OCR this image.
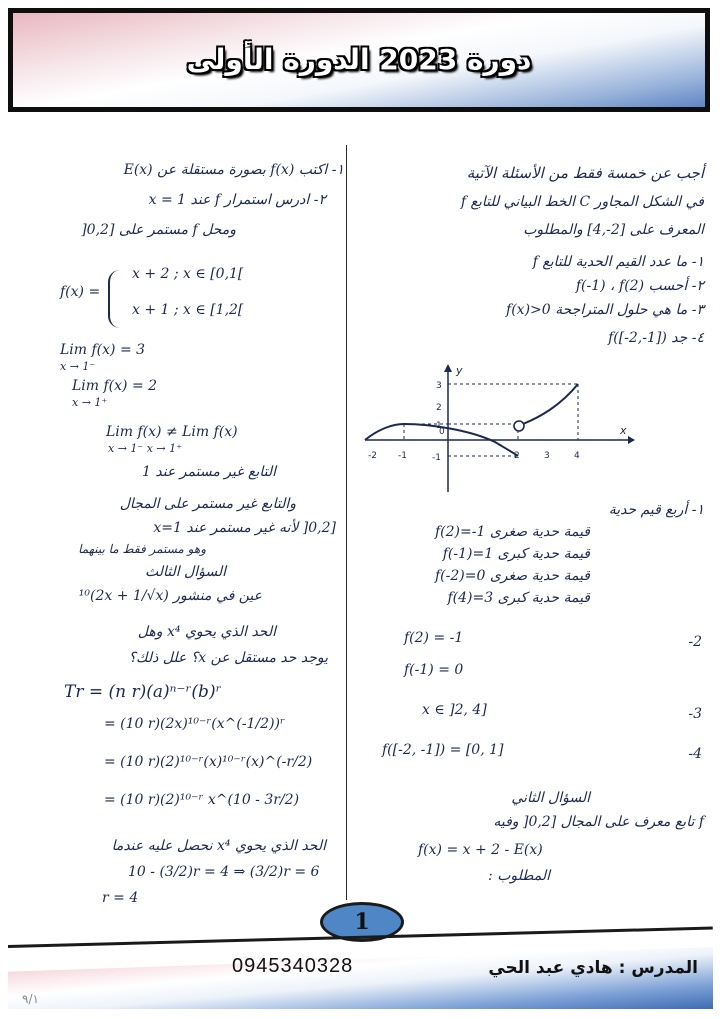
دورة 2023 الدورة الأولى

أجب عن خمسة فقط من الأسئلة الآتية

في الشكل المجاور C الخط البياني للتابع f

المعرف على [2-,4] والمطلوب

١- ما عدد القيم الحدية للتابع f

٢- أحسب f(-1) ، f(2)

٣- ما هي حلول المتراجحة 0<(x)f

٤- جد f([-2,-1])

١- أربع قيم حدية

قيمة حدية صغرى f(2)=-1

قيمة حدية كبرى f(-1)=1

قيمة حدية صغرى f(-2)=0

قيمة حدية كبرى f(4)=3

f(2) = -1	-2

f(-1) = 0

x ∈ ]2, 4]	-3

f([-2, -1]) = [0, 1]	-4

السؤال الثاني

f تابع معرف على المجال [0,2[ وفيه

f(x) = x + 2 - E(x)

المطلوب :

-2 -1
0
2	3	4
3
2
1
-1
x
y

١- اكتب f(x) بصورة مستقلة عن E(x)

٢- ادرس استمرار f عند x = 1

ومحل f مستمر على [0,2[

f(x) =

x + 2 ; x ∈ [0,1[

x + 1 ; x ∈ [1,2[

Lim f(x) = 3

x → 1⁻

Lim f(x) = 2

x → 1⁺

Lim f(x) ≠ Lim f(x)

x → 1⁻ x → 1⁺

التابع غير مستمر عند 1

والتابع غير مستمر على المجال

[0,2[ لأنه غير مستمر عند x=1

وهو مستمر فقط ما بينهما

السؤال الثالث

عين في منشور (2x + 1/√x)¹⁰

الحد الذي يحوي x⁴ وهل

يوجد حد مستقل عن x؟ علل ذلك؟

Tr = (n r)(a)ⁿ⁻ʳ(b)ʳ

= (10 r)(2x)¹⁰⁻ʳ(x^(-1/2))ʳ

= (10 r)(2)¹⁰⁻ʳ(x)¹⁰⁻ʳ(x)^(-r/2)

= (10 r)(2)¹⁰⁻ʳ x^(10 - 3r/2)

الحد الذي يحوي x⁴ نحصل عليه عندما

10 - (3/2)r = 4 ⇒ (3/2)r = 6

r = 4

1
0945340328	المدرس : هادي عبد الحي
٩/١
